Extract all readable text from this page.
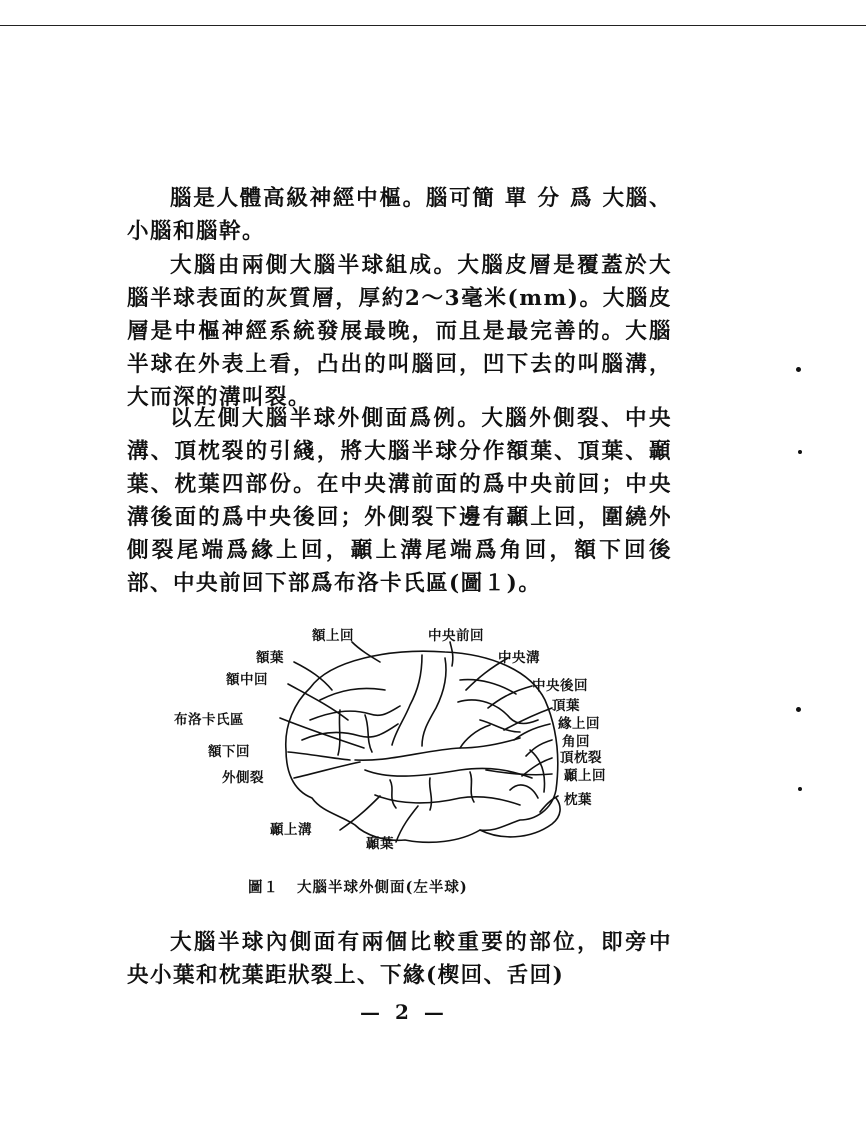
腦是人體高級神經中樞。腦可簡 單 分 爲 大腦、小腦和腦幹。

大腦由兩側大腦半球組成。大腦皮層是覆蓋於大腦半球表面的灰質層，厚約2～3毫米(mm)。大腦皮層是中樞神經系統發展最晚，而且是最完善的。大腦半球在外表上看，凸出的叫腦回，凹下去的叫腦溝，大而深的溝叫裂。

以左側大腦半球外側面爲例。大腦外側裂、中央溝、頂枕裂的引綫，將大腦半球分作額葉、頂葉、顳葉、枕葉四部份。在中央溝前面的爲中央前回；中央溝後面的爲中央後回；外側裂下邊有顳上回，圍繞外側裂尾端爲緣上回，顳上溝尾端爲角回，額下回後部、中央前回下部爲布洛卡氏區(圖１)。

額上回	中央前回
額葉	中央溝
額中回	中央後回
頂葉
布洛卡氏區	緣上回
角回
額下回	頂枕裂
外側裂	顳上回
枕葉
顳上溝
顳葉
圖１ 大腦半球外側面(左半球)

大腦半球內側面有兩個比較重要的部位，即旁中央小葉和枕葉距狀裂上、下緣(楔回、舌回)

— 2 —
